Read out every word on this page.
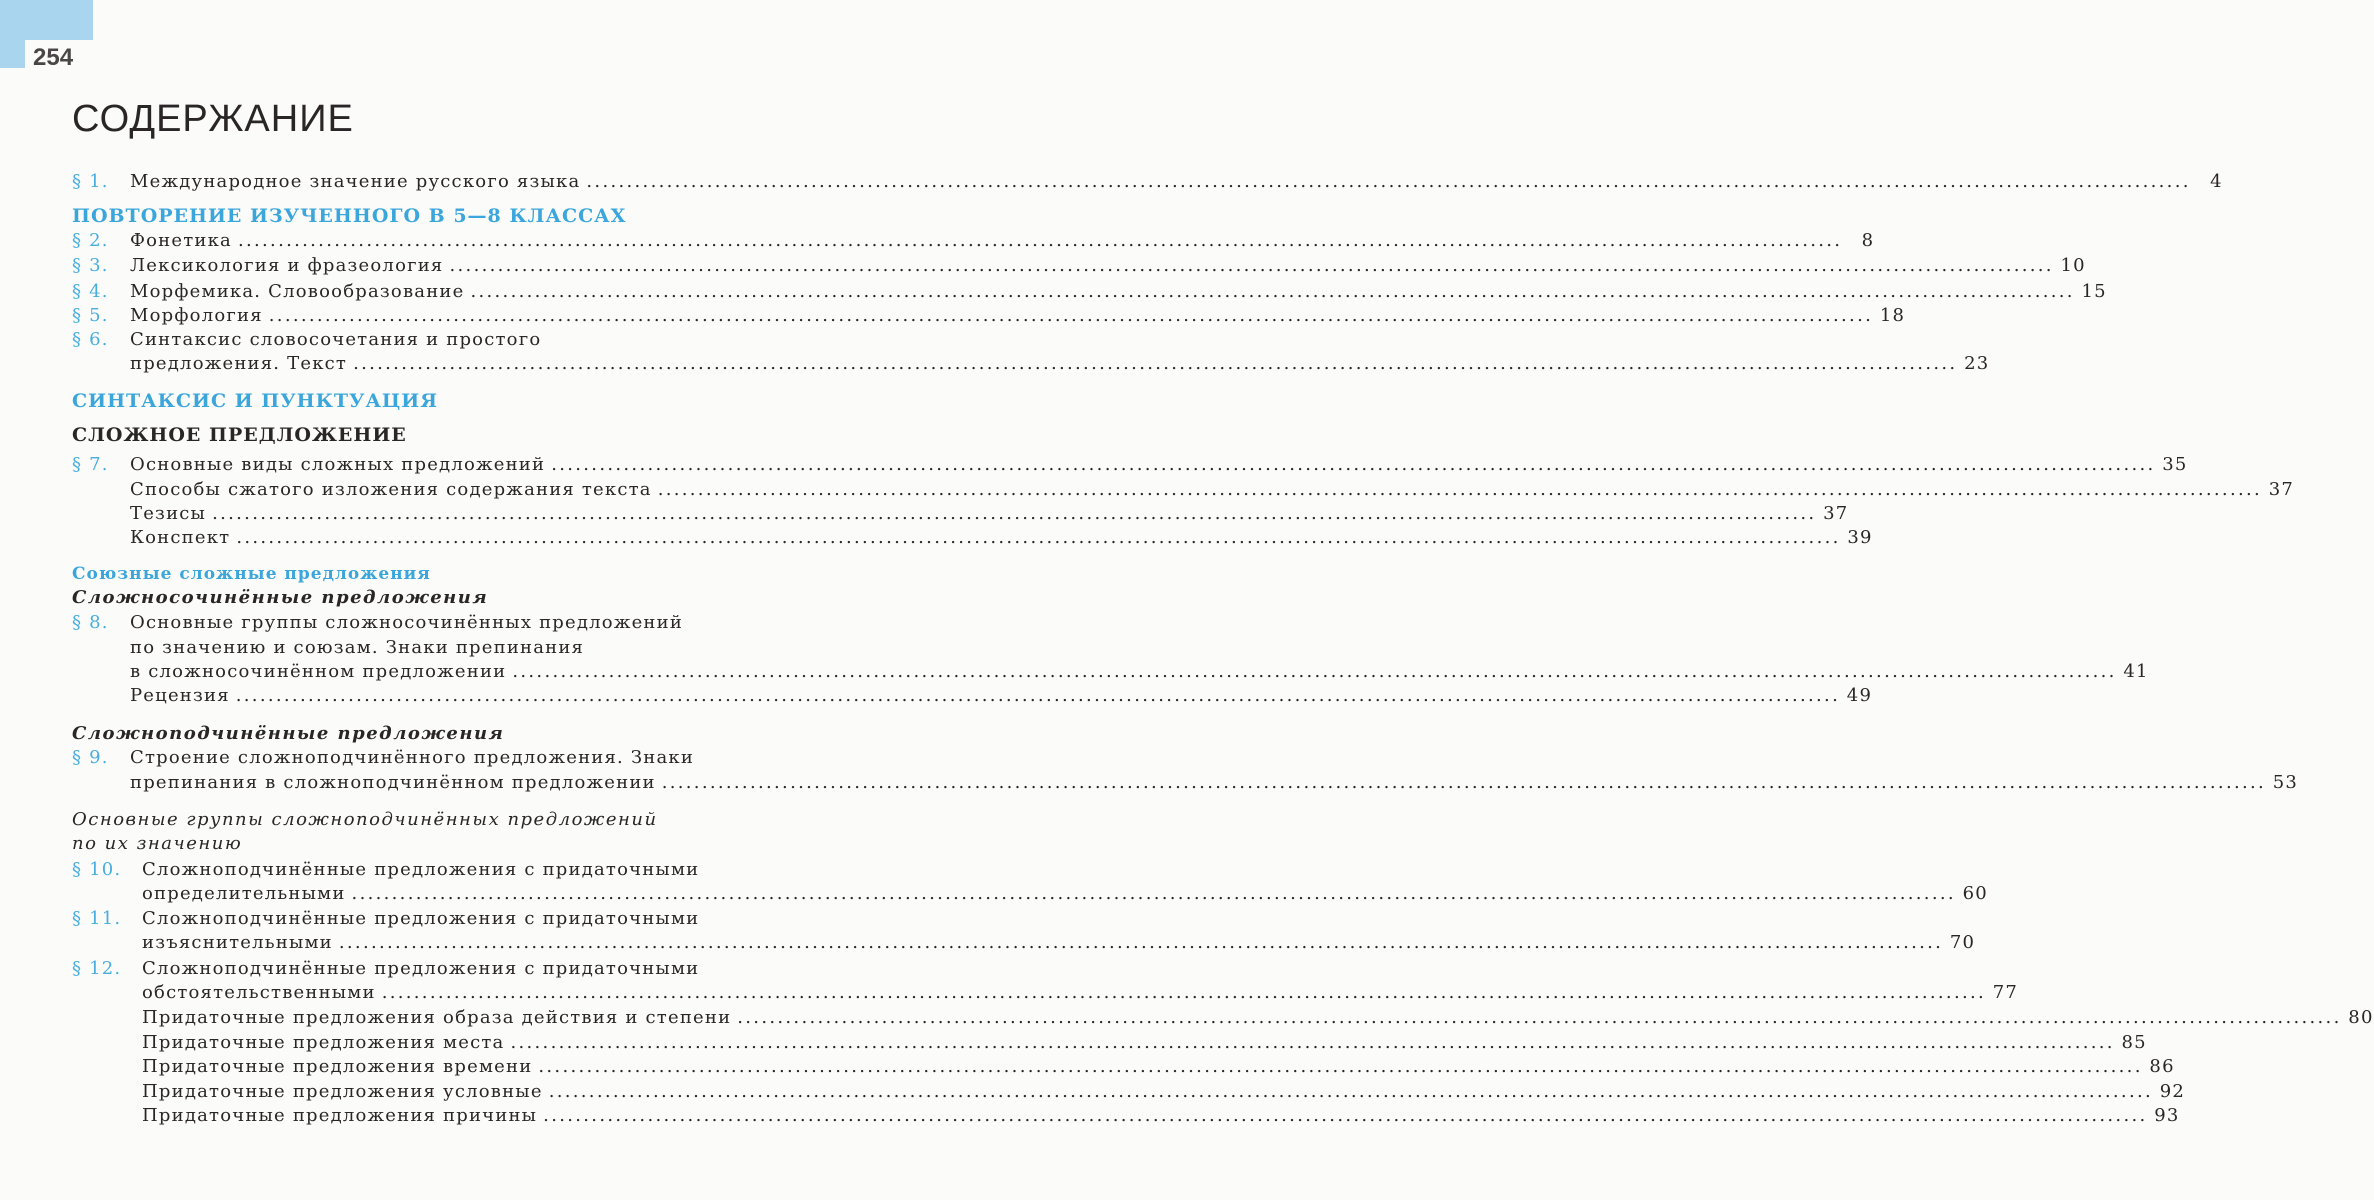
254
СОДЕРЖАНИЕ
§ 1.	Международное значение русского языка ........................................................................................................................................................................................................	4
ПОВТОРЕНИЕ ИЗУЧЕННОГО В 5—8 КЛАССАХ
§ 2.	Фонетика ........................................................................................................................................................................................................	8
§ 3.	Лексикология и фразеология ........................................................................................................................................................................................................ 10
§ 4.	Морфемика. Словообразование ........................................................................................................................................................................................................ 15
§ 5.	Морфология ........................................................................................................................................................................................................ 18
§ 6.	Синтаксис словосочетания и простого
предложения. Текст ........................................................................................................................................................................................................ 23
СИНТАКСИС И ПУНКТУАЦИЯ
СЛОЖНОЕ ПРЕДЛОЖЕНИЕ
§ 7.	Основные виды сложных предложений ........................................................................................................................................................................................................ 35
Способы сжатого изложения содержания текста ........................................................................................................................................................................................................ 37
Тезисы ........................................................................................................................................................................................................ 37
Конспект ........................................................................................................................................................................................................ 39
Союзные сложные предложения
Сложносочинённые предложения
§ 8.	Основные группы сложносочинённых предложений
по значению и союзам. Знаки препинания
в сложносочинённом предложении ........................................................................................................................................................................................................ 41
Рецензия ........................................................................................................................................................................................................ 49
Сложноподчинённые предложения
§ 9.	Строение сложноподчинённого предложения. Знаки
препинания в сложноподчинённом предложении ........................................................................................................................................................................................................ 53
Основные группы сложноподчинённых предложений
по их значению
§ 10.	Сложноподчинённые предложения с придаточными
определительными ........................................................................................................................................................................................................ 60
§ 11.	Сложноподчинённые предложения с придаточными
изъяснительными ........................................................................................................................................................................................................ 70
§ 12.	Сложноподчинённые предложения с придаточными
обстоятельственными ........................................................................................................................................................................................................ 77
Придаточные предложения образа действия и степени ........................................................................................................................................................................................................ 80
Придаточные предложения места ........................................................................................................................................................................................................ 85
Придаточные предложения времени ........................................................................................................................................................................................................ 86
Придаточные предложения условные ........................................................................................................................................................................................................ 92
Придаточные предложения причины ........................................................................................................................................................................................................ 93
